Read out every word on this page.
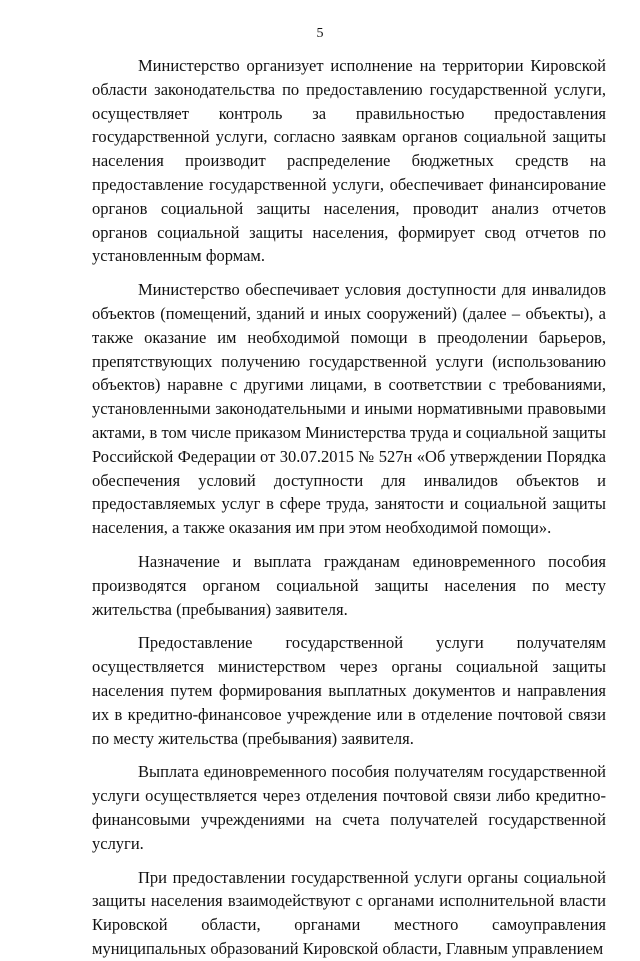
5

Министерство организует исполнение на территории Кировской области законодательства по предоставлению государственной услуги, осуществляет контроль за правильностью предоставления государственной услуги, согласно заявкам органов социальной защиты населения производит распределение бюджетных средств на предоставление государственной услуги, обеспечивает финансирование органов социальной защиты населения, проводит анализ отчетов органов социальной защиты населения, формирует свод отчетов по установленным формам.

Министерство обеспечивает условия доступности для инвалидов объектов (помещений, зданий и иных сооружений) (далее – объекты), а также оказание им необходимой помощи в преодолении барьеров, препятствующих получению государственной услуги (использованию объектов) наравне с другими лицами, в соответствии с требованиями, установленными законодательными и иными нормативными правовыми актами, в том числе приказом Министерства труда и социальной защиты Российской Федерации от 30.07.2015 № 527н «Об утверждении Порядка обеспечения условий доступности для инвалидов объектов и предоставляемых услуг в сфере труда, занятости и социальной защиты населения, а также оказания им при этом необходимой помощи».

Назначение и выплата гражданам единовременного пособия производятся органом социальной защиты населения по месту жительства (пребывания) заявителя.

Предоставление государственной услуги получателям осуществляется министерством через органы социальной защиты населения путем формирования выплатных документов и направления их в кредитно-финансовое учреждение или в отделение почтовой связи по месту жительства (пребывания) заявителя.

Выплата единовременного пособия получателям государственной услуги осуществляется через отделения почтовой связи либо кредитно-финансовыми учреждениями на счета получателей государственной услуги.

При предоставлении государственной услуги органы социальной защиты населения взаимодействуют с органами исполнительной власти Кировской области, органами местного самоуправления муниципальных образований Кировской области, Главным управлением
